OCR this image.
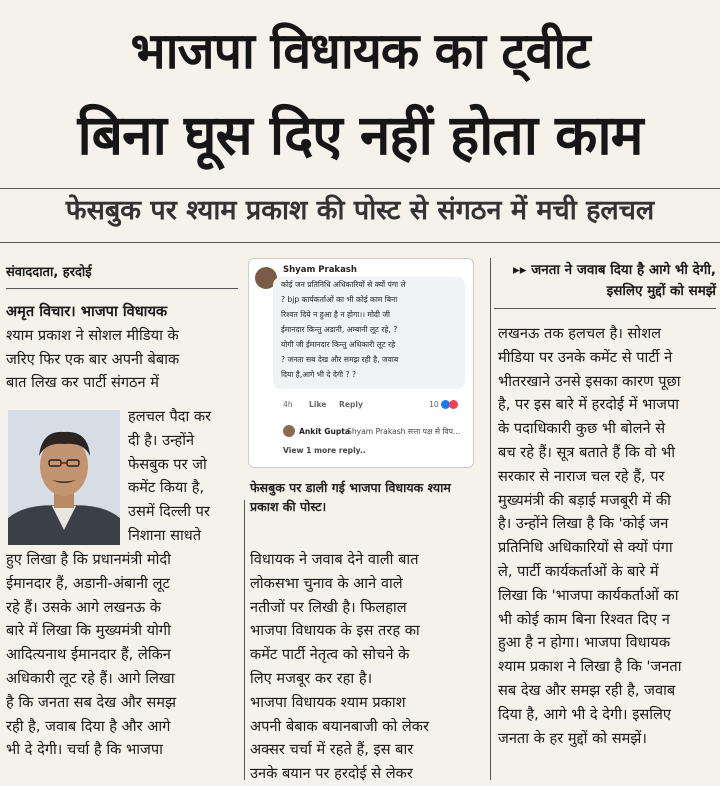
भाजपा विधायक का ट्वीट
बिना घूस दिए नहीं होता काम
फेसबुक पर श्याम प्रकाश की पोस्ट से संगठन में मची हलचल
संवाददाता, हरदोई

अमृत विचार। भाजपा विधायक

श्याम प्रकाश ने सोशल मीडिया के

जरिए फिर एक बार अपनी बेबाक

बात लिख कर पार्टी संगठन में

हलचल पैदा कर

दी है। उन्होंने

फेसबुक पर जो

कमेंट किया है,

उसमें दिल्ली पर

निशाना साधते

हुए लिखा है कि प्रधानमंत्री मोदी

ईमानदार हैं, अडानी-अंबानी लूट

रहे हैं। उसके आगे लखनऊ के

बारे में लिखा कि मुख्यमंत्री योगी

आदित्यनाथ ईमानदार हैं, लेकिन

अधिकारी लूट रहे हैं। आगे लिखा

है कि जनता सब देख और समझ

रही है, जवाब दिया है और आगे

भी दे देगी। चर्चा है कि भाजपा

Shyam Prakash
कोई जन प्रतिनिधि अधिकारियों से क्यों पंगा ले
? bjp कार्यकर्ताओं का भी कोई काम बिना
रिश्वत दिये न हुआ है न होगा।। मोदी जी
ईमानदार किन्तु अडानी, अम्बानी लूट रहे, ?
योगी जी ईमानदार किन्तु अधिकारी लूट रहे
? जनता सब देख और समझ रही है, जवाब
दिया है,आगे भी दे देगी ? ?
4h Like Reply	10
Ankit Gupta
Shyam Prakash सत्ता पक्ष से विप...
View 1 more reply..
फेसबुक पर डाली गई भाजपा विधायक श्याम प्रकाश की पोस्ट।

विधायक ने जवाब देने वाली बात

लोकसभा चुनाव के आने वाले

नतीजों पर लिखी है। फिलहाल

भाजपा विधायक के इस तरह का

कमेंट पार्टी नेतृत्व को सोचने के

लिए मजबूर कर रहा है।

भाजपा विधायक श्याम प्रकाश

अपनी बेबाक बयानबाजी को लेकर

अक्सर चर्चा में रहते हैं, इस बार

उनके बयान पर हरदोई से लेकर

▸▸ जनता ने जवाब दिया है आगे भी देगी, इसलिए मुद्दों को समझें

लखनऊ तक हलचल है। सोशल

मीडिया पर उनके कमेंट से पार्टी ने

भीतरखाने उनसे इसका कारण पूछा

है, पर इस बारे में हरदोई में भाजपा

के पदाधिकारी कुछ भी बोलने से

बच रहे हैं। सूत्र बताते हैं कि वो भी

सरकार से नाराज चल रहे हैं, पर

मुख्यमंत्री की बड़ाई मजबूरी में की

है। उन्होंने लिखा है कि 'कोई जन

प्रतिनिधि अधिकारियों से क्यों पंगा

ले, पार्टी कार्यकर्ताओं के बारे में

लिखा कि 'भाजपा कार्यकर्ताओं का

भी कोई काम बिना रिश्वत दिए न

हुआ है न होगा। भाजपा विधायक

श्याम प्रकाश ने लिखा है कि 'जनता

सब देख और समझ रही है, जवाब

दिया है, आगे भी दे देगी। इसलिए

जनता के हर मुद्दों को समझें।
